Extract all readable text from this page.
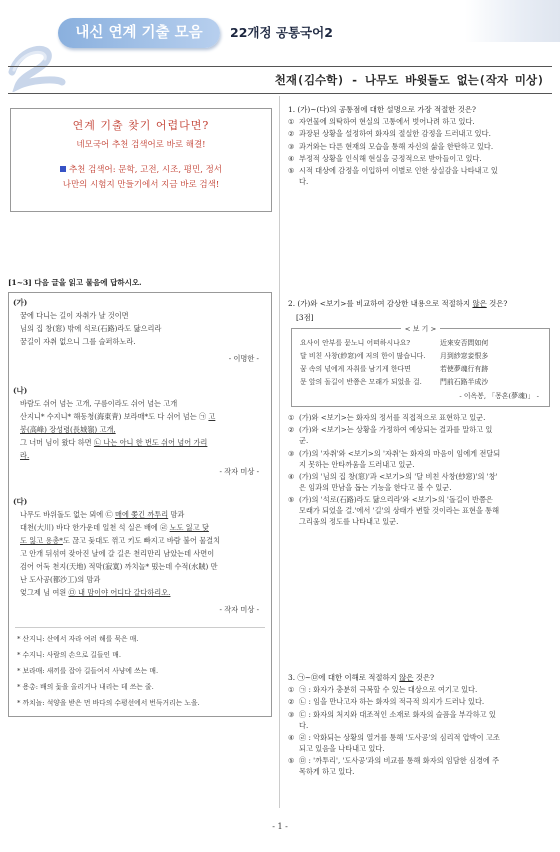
내신 연계 기출 모음	22개정 공통국어2
천재(김수학) - 나무도 바윗돌도 없는(작자 미상)
연계 기출 찾기 어렵다면?
네모국어 추천 검색어로 바로 해결!
추천 검색어: 문학, 고전, 시조, 평민, 정서
나만의 시험지 만들기에서 지금 바로 검색!
[1~3] 다음 글을 읽고 물음에 답하시오.
(가)
꿈에 다니는 길이 자취가 날 것이면
님의 집 창(窓) 밖에 석로(石路)라도 닳으리라
꿈길이 자취 없으니 그를 슬퍼하노라.
- 이명한 -
(나)
바람도 쉬어 넘는 고개, 구름이라도 쉬어 넘는 고개
산지니* 수지니* 해동청(海東靑) 보라매*도 다 쉬어 넘는 ㉠ 고
봉(高峰) 장성령(長城嶺) 고개,
그 너머 님이 왔다 하면 ㉡ 나는 아니 한 번도 쉬어 넘어 가리
라.
- 작자 미상 -
(다)
나무도 바위돌도 없는 뫼에 ㉢ 매에 쫓긴 까투리 맘과
대천(大川) 바다 한가운데 일천 석 실은 배에 ㉣ 노도 잃고 닻
도 잃고 용총*도 끊고 돛대도 꺾고 키도 빠지고 바람 불어 물결치
고 안개 뒤섞여 잦아진 날에 갈 길은 천리만리 남았는데 사면이
검어 어둑 천지(天地) 적막(寂寞) 까치놀* 떴는데 수적(水賊) 만
난 도사공(都沙工)의 맘과
엊그제 님 여읜 ㉤ 내 맘이야 어디다 갈다하리오.
- 작자 미상 -
* 산지니: 산에서 자라 여러 해를 묵은 매.
* 수지니: 사람의 손으로 길들인 매.
* 보라매: 새끼를 잡아 길들여서 사냥에 쓰는 매.
* 용총: 배의 돛을 올리거나 내리는 데 쓰는 줄.
* 까치놀: 석양을 받은 먼 바다의 수평선에서 번득거리는 노을.
1. (가)~(다)의 공통점에 대한 설명으로 가장 적절한 것은?
① 자연물에 의탁하여 현실의 고통에서 벗어나려 하고 있다.
② 과장된 상황을 설정하여 화자의 절실한 감정을 드러내고 있다.
③ 과거와는 다른 현재의 모습을 통해 자신의 삶을 한탄하고 있다.
④ 부정적 상황을 인식해 현실을 긍정적으로 받아들이고 있다.
⑤ 시적 대상에 감정을 이입하여 이별로 인한 상실감을 나타내고 있
다.
2. (가)와 <보기>를 비교하여 감상한 내용으로 적절하지 않은 것은?
[3점]
< 보 기 >
요사이 안부를 묻노니 어떠하시나요?
달 비친 사창(紗窓)에 저의 한이 많습니다.
꿈 속의 넋에게 자취를 남기게 한다면
문 앞의 돌길이 반쯤은 모래가 되었을 걸.
近來安否問如何
月到紗窓妾恨多
若使夢魂行有跡
門前石路半成沙
- 이옥봉, 「몽혼(夢魂)」 -
① (가)와 <보기>는 화자의 정서를 직접적으로 표현하고 있군.
② (가)와 <보기>는 상황을 가정하여 예상되는 결과를 말하고 있
군.
③ (가)의 '자취'와 <보기>의 '자취'는 화자의 마음이 임에게 전달되
지 못하는 안타까움을 드러내고 있군.
④ (가)의 '님의 집 창(窓)'과 <보기>의 '달 비친 사창(紗窓)'의 '창'
은 임과의 만남을 돕는 기능을 한다고 볼 수 있군.
⑤ (가)의 '석로(石路)라도 닳으리라'와 <보기>의 '돌길이 반쯤은
모래가 되었을 걸.'에서 '길'의 상태가 변할 것이라는 표현을 통해
그리움의 정도를 나타내고 있군.
3. ㉠~㉤에 대한 이해로 적절하지 않은 것은?
① ㉠ : 화자가 충분히 극복할 수 있는 대상으로 여기고 있다.
② ㉡ : 임을 만나고자 하는 화자의 적극적 의지가 드러나 있다.
③ ㉢ : 화자의 처지와 대조적인 소재로 화자의 슬픔을 부각하고 있
다.
④ ㉣ : 악화되는 상황의 열거를 통해 '도사공'의 심리적 압박이 고조
되고 있음을 나타내고 있다.
⑤ ㉤ : '까투리', '도사공'과의 비교를 통해 화자의 임담한 심경에 주
목하게 하고 있다.
- 1 -
